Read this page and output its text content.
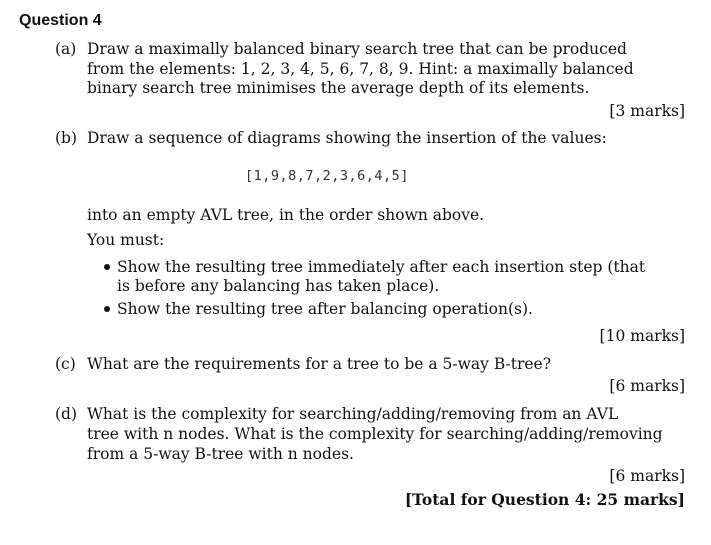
Question 4
(a) Draw a maximally balanced binary search tree that can be produced
from the elements: 1, 2, 3, 4, 5, 6, 7, 8, 9. Hint: a maximally balanced
binary search tree minimises the average depth of its elements.
[3 marks]
(b) Draw a sequence of diagrams showing the insertion of the values:
[1,9,8,7,2,3,6,4,5]
into an empty AVL tree, in the order shown above.
You must:
Show the resulting tree immediately after each insertion step (that
is before any balancing has taken place).
Show the resulting tree after balancing operation(s).
[10 marks]
(c) What are the requirements for a tree to be a 5-way B-tree?
[6 marks]
(d) What is the complexity for searching/adding/removing from an AVL
tree with n nodes. What is the complexity for searching/adding/removing
from a 5-way B-tree with n nodes.
[6 marks]
[Total for Question 4: 25 marks]
